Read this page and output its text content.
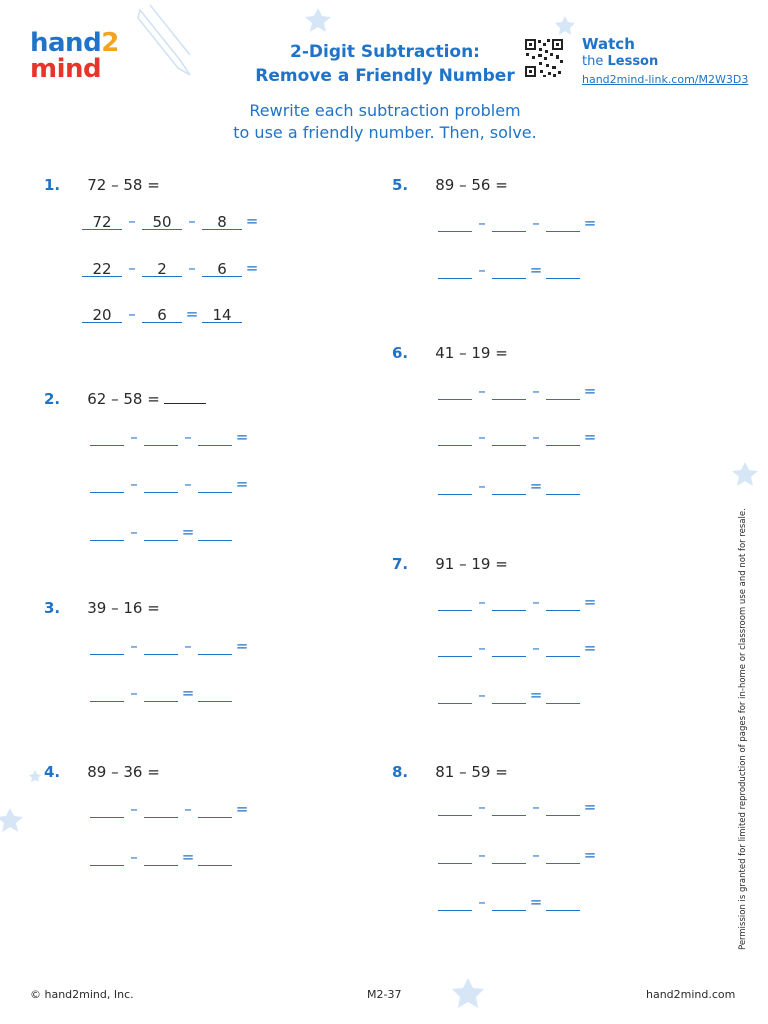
hand2
mind
2-Digit Subtraction:
Remove a Friendly Number
Watch
the Lesson
hand2mind-link.com/M2W3D3
Rewrite each subtraction problem
to use a friendly number. Then, solve.
1. 72 – 58 =
72 – 50 – 8 =
22 – 2 – 6 =
20 – 6 = 14
2. 62 – 58 =
–	–	=
–	–	=
–	=
3. 39 – 16 =
–	–	=
–	=
4. 89 – 36 =
–	–	=
–	=
5. 89 – 56 =
–	–	=
–	=
6. 41 – 19 =
–	–	=
–	–	=
–	=
7. 91 – 19 =
–	–	=
–	–	=
–	=
8. 81 – 59 =
–	–	=
–	–	=
–	=	Permission is granted for limited reproduction of pages for in-home or classroom use and not for resale.
© hand2mind, Inc.	M2-37	hand2mind.com
